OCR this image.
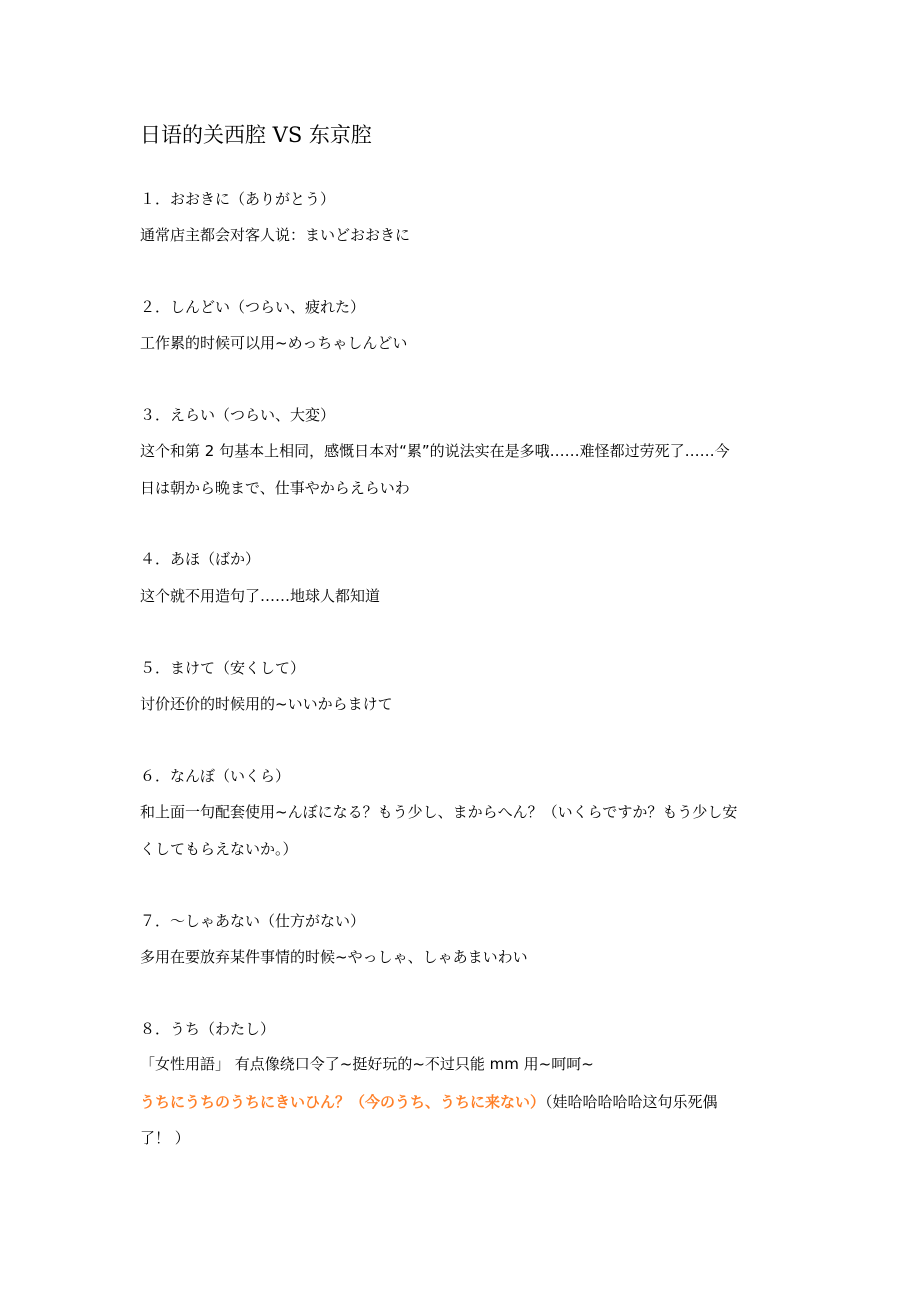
日语的关西腔 VS 东京腔
１．おおきに（ありがとう）
通常店主都会对客人说：まいどおおきに
２．しんどい（つらい、疲れた）
工作累的时候可以用~めっちゃしんどい
３．えらい（つらい、大変）
这个和第 2 句基本上相同，感慨日本对“累”的说法实在是多哦……难怪都过劳死了……今
日は朝から晩まで、仕事やからえらいわ
４．あほ（ばか）
这个就不用造句了……地球人都知道
５．まけて（安くして）
讨价还价的时候用的~いいからまけて
６．なんぼ（いくら）
和上面一句配套使用~んぼになる？もう少し、まからへん？（いくらですか？もう少し安
くしてもらえないか。）
７．～しゃあない（仕方がない）
多用在要放弃某件事情的时候~やっしゃ、しゃあまいわい
８．うち（わたし）
「女性用語」 有点像绕口令了~挺好玩的~不过只能 mm 用~呵呵~
うちにうちのうちにきいひん？（今のうち、うちに来ない）（娃哈哈哈哈哈这句乐死偶
了！ ）
